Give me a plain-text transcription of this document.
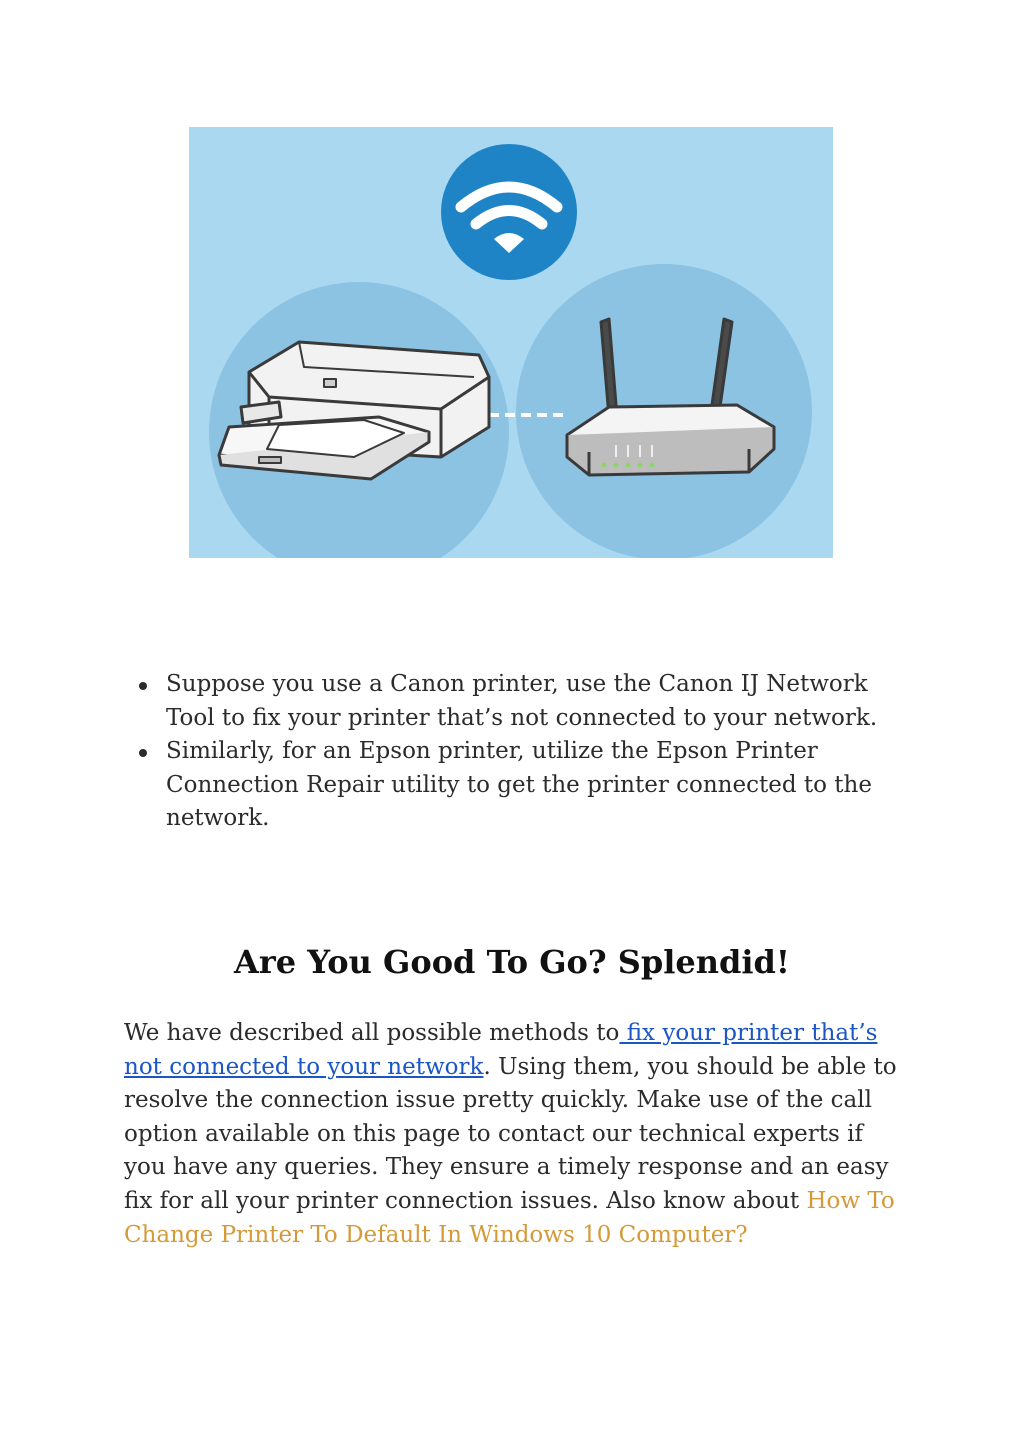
Suppose you use a Canon printer, use the Canon IJ Network Tool to fix your printer that’s not connected to your network.
Similarly, for an Epson printer, utilize the Epson Printer Connection Repair utility to get the printer connected to the network.
Are You Good To Go? Splendid!

We have described all possible methods to fix your printer that’s not connected to your network. Using them, you should be able to resolve the connection issue pretty quickly. Make use of the call option available on this page to contact our technical experts if you have any queries. They ensure a timely response and an easy fix for all your printer connection issues. Also know about How To Change Printer To Default In Windows 10 Computer?
